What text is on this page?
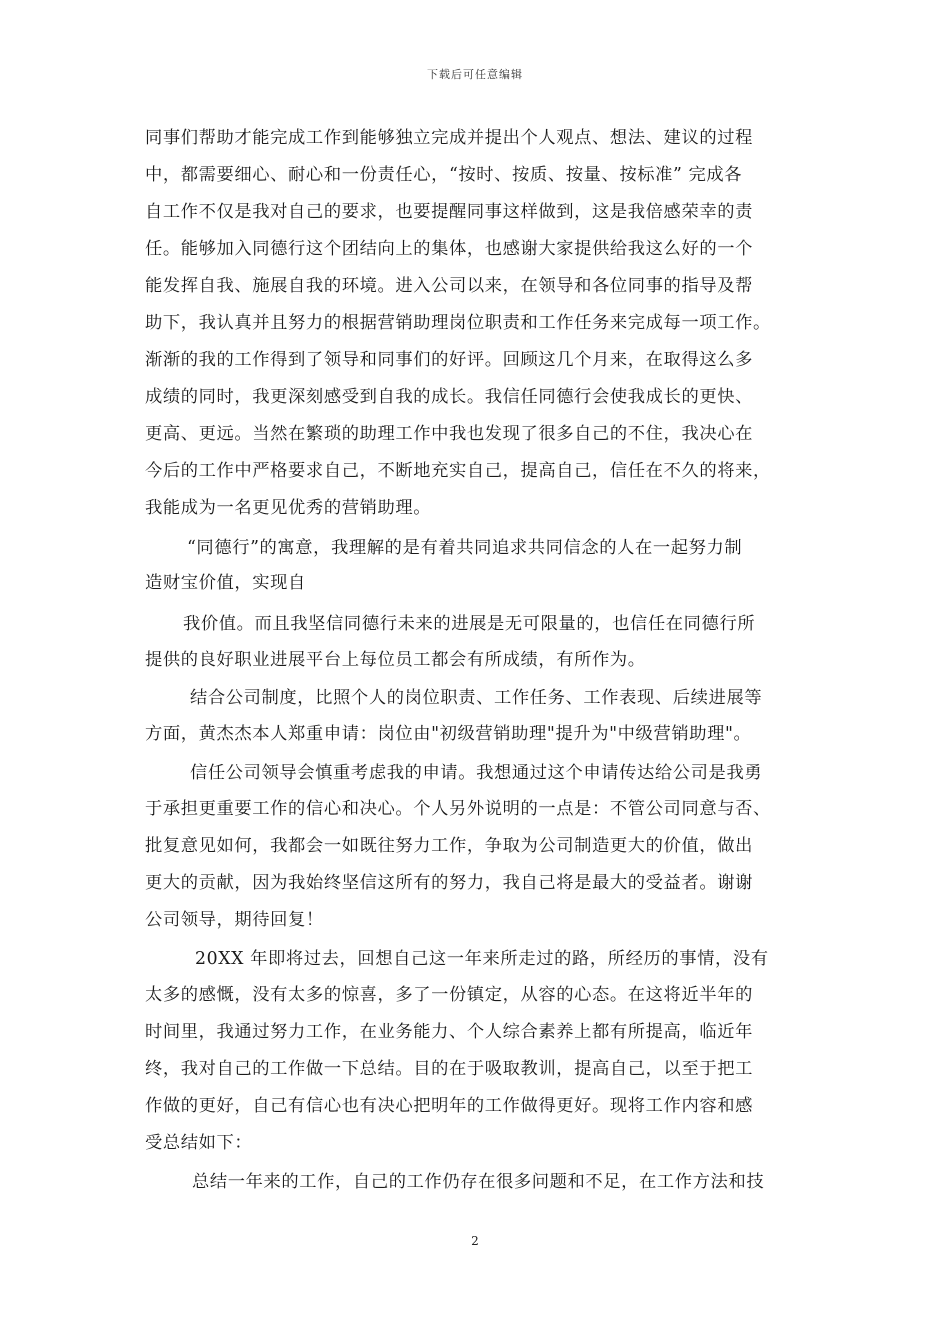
下载后可任意编辑
同事们帮助才能完成工作到能够独立完成并提出个人观点、想法、建议的过程
中，都需要细心、耐心和一份责任心，“按时、按质、按量、按标准” 完成各
自工作不仅是我对自己的要求，也要提醒同事这样做到，这是我倍感荣幸的责
任。能够加入同德行这个团结向上的集体，也感谢大家提供给我这么好的一个
能发挥自我、施展自我的环境。进入公司以来，在领导和各位同事的指导及帮
助下，我认真并且努力的根据营销助理岗位职责和工作任务来完成每一项工作。
渐渐的我的工作得到了领导和同事们的好评。回顾这几个月来，在取得这么多
成绩的同时，我更深刻感受到自我的成长。我信任同德行会使我成长的更快、
更高、更远。当然在繁琐的助理工作中我也发现了很多自己的不住，我决心在
今后的工作中严格要求自己，不断地充实自己，提高自己，信任在不久的将来，
我能成为一名更见优秀的营销助理。
“同德行”的寓意，我理解的是有着共同追求共同信念的人在一起努力制
造财宝价值，实现自
我价值。而且我坚信同德行未来的进展是无可限量的，也信任在同德行所
提供的良好职业进展平台上每位员工都会有所成绩，有所作为。
结合公司制度，比照个人的岗位职责、工作任务、工作表现、后续进展等
方面，黄杰杰本人郑重申请：岗位由"初级营销助理"提升为"中级营销助理"。
信任公司领导会慎重考虑我的申请。我想通过这个申请传达给公司是我勇
于承担更重要工作的信心和决心。个人另外说明的一点是：不管公司同意与否、
批复意见如何，我都会一如既往努力工作，争取为公司制造更大的价值，做出
更大的贡献，因为我始终坚信这所有的努力，我自己将是最大的受益者。谢谢
公司领导，期待回复！
20XX 年即将过去，回想自己这一年来所走过的路，所经历的事情，没有
太多的感慨，没有太多的惊喜，多了一份镇定，从容的心态。在这将近半年的
时间里，我通过努力工作，在业务能力、个人综合素养上都有所提高，临近年
终，我对自己的工作做一下总结。目的在于吸取教训，提高自己，以至于把工
作做的更好，自己有信心也有决心把明年的工作做得更好。现将工作内容和感
受总结如下：
总结一年来的工作，自己的工作仍存在很多问题和不足，在工作方法和技
2
